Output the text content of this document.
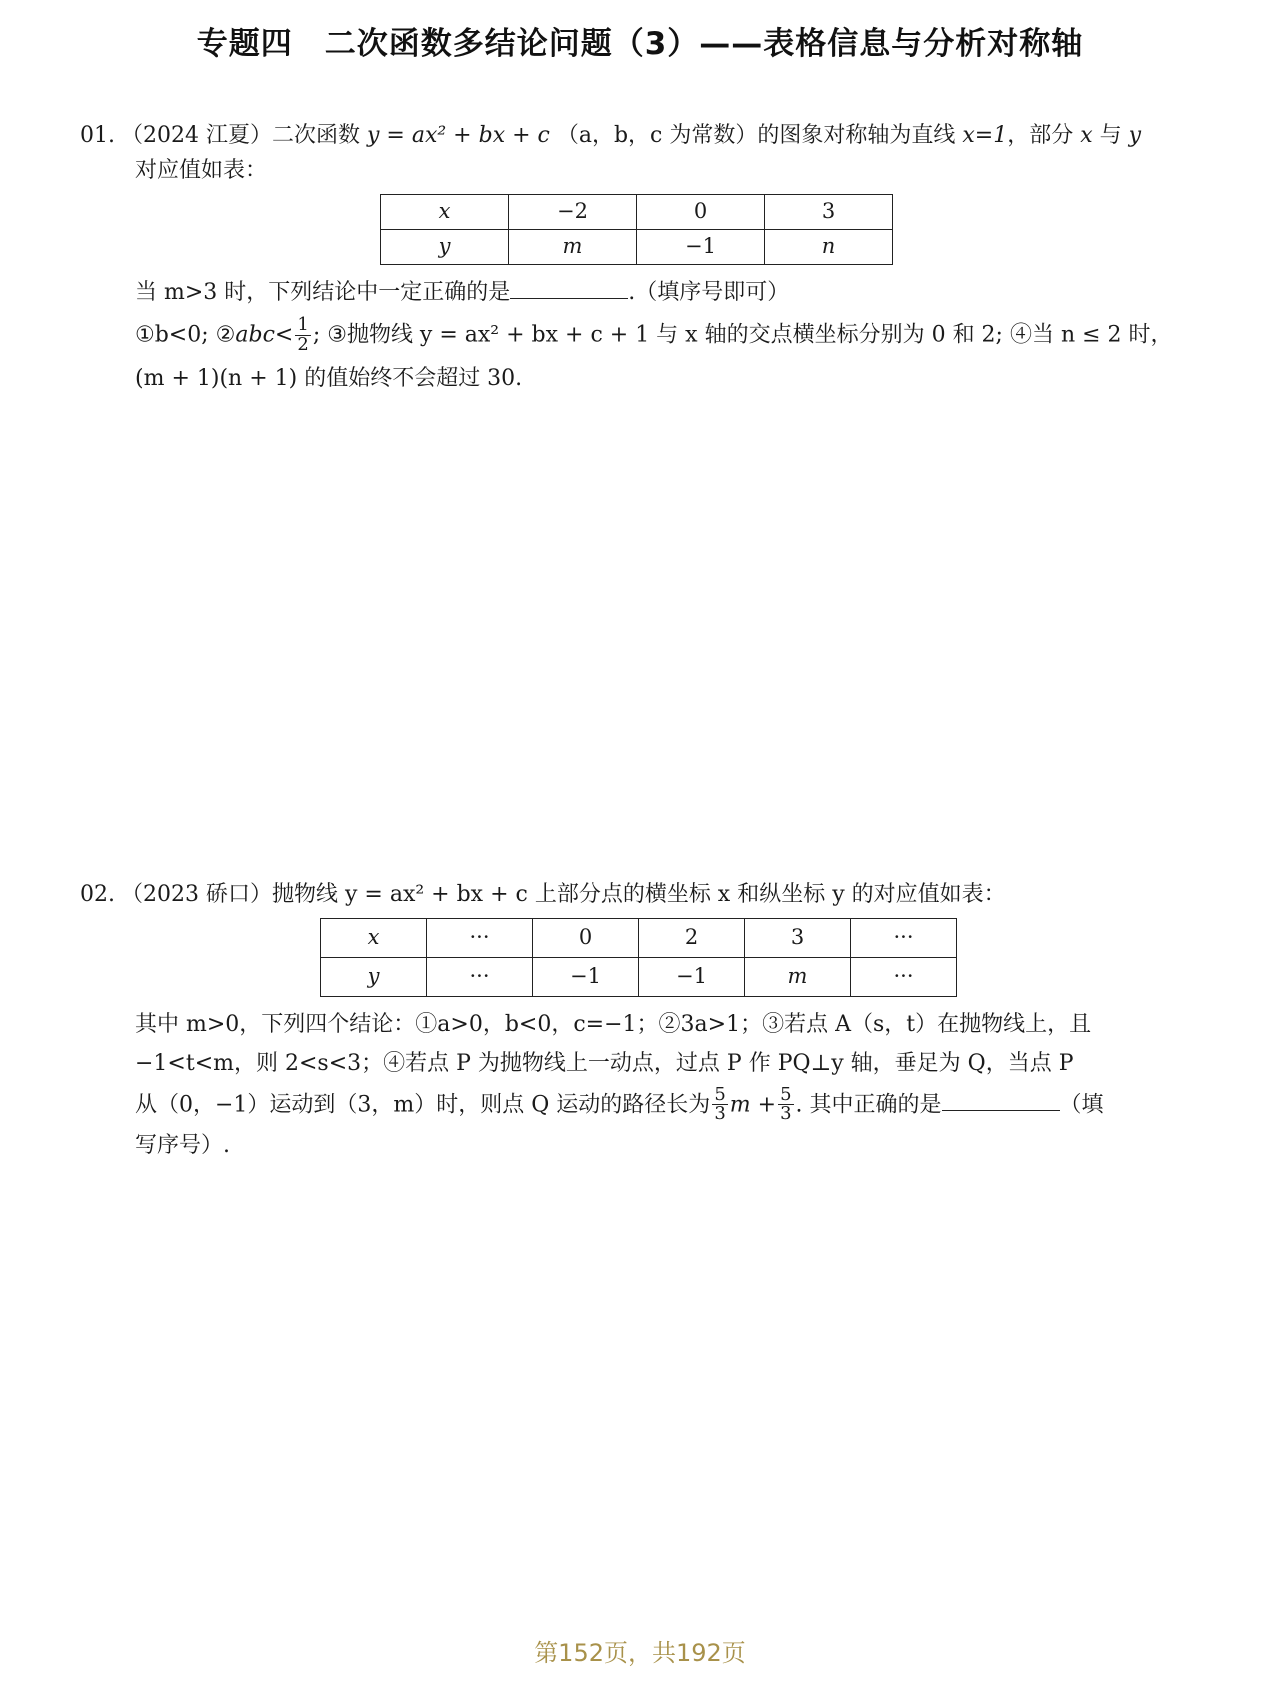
专题四　二次函数多结论问题（3）——表格信息与分析对称轴
01. （2024 江夏）二次函数 y = ax² + bx + c （a，b，c 为常数）的图象对称轴为直线 x=1，部分 x 与 y
对应值如表：
x	−2	0	3
y	m	−1	n
当 m>3 时，下列结论中一定正确的是	.（填序号即可）
①b<0; ②abc< $\frac{1}{2}$ ; ③抛物线 y = ax² + bx + c + 1 与 x 轴的交点横坐标分别为 0 和 2; ④当 n ≤ 2 时，
(m + 1)(n + 1) 的值始终不会超过 30.
02. （2023 硚口）抛物线 y = ax² + bx + c 上部分点的横坐标 x 和纵坐标 y 的对应值如表：
x	···	0	2	3	···
y	···	−1	−1	m	···
其中 m>0，下列四个结论：①a>0，b<0，c=−1；②3a>1；③若点 A（s，t）在抛物线上，且
−1<t<m，则 2<s<3；④若点 P 为抛物线上一动点，过点 P 作 PQ⊥y 轴，垂足为 Q，当点 P
从（0，−1）运动到（3，m）时，则点 Q 运动的路径长为 $\frac{5}{3}$ $m + \frac{5}{3}$ . 其中正确的是	（填
写序号）.
第152页，共192页
